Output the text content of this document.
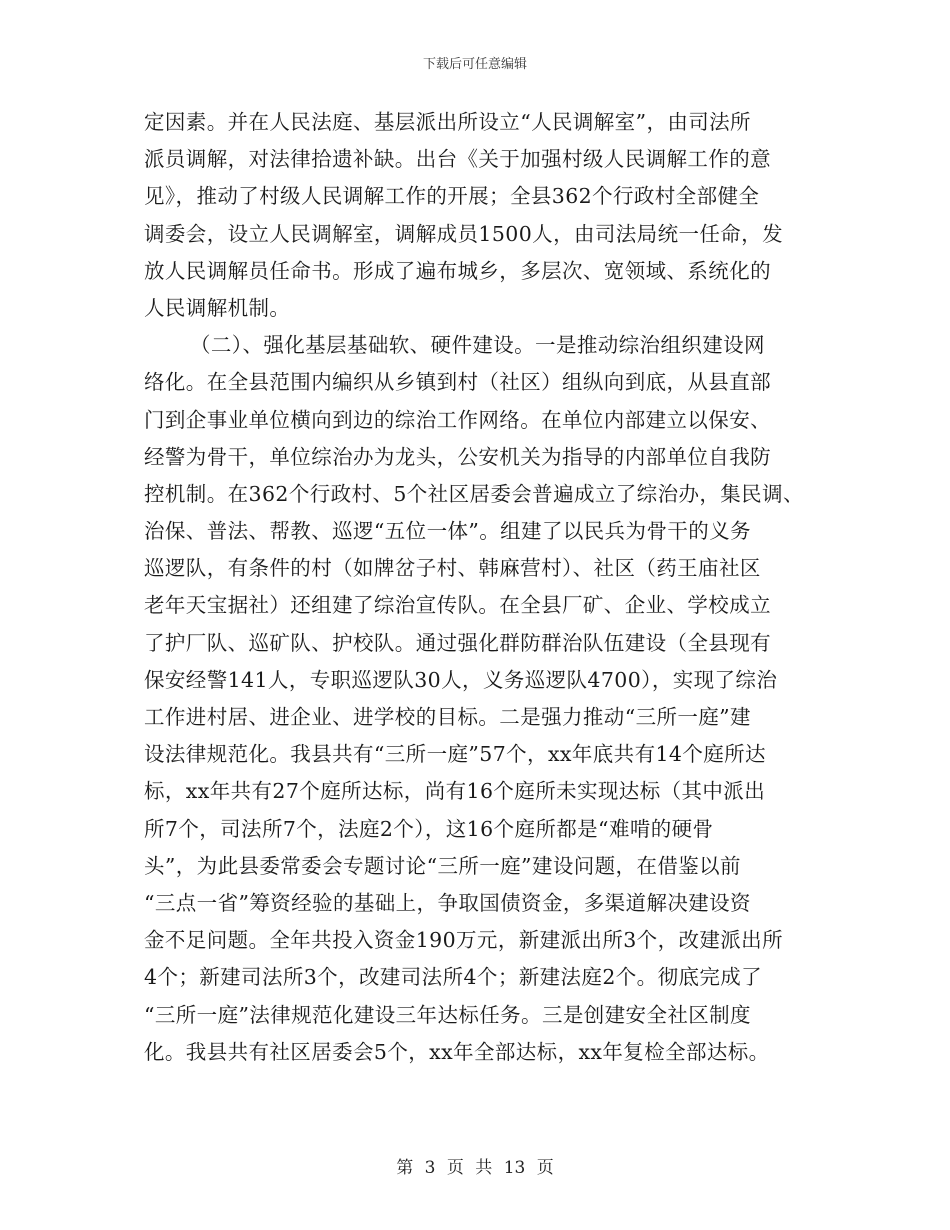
下载后可任意编辑
定因素。并在人民法庭、基层派出所设立“人民调解室”，由司法所
派员调解，对法律拾遗补缺。出台《关于加强村级人民调解工作的意
见》，推动了村级人民调解工作的开展；全县362个行政村全部健全
调委会，设立人民调解室，调解成员1500人，由司法局统一任命，发
放人民调解员任命书。形成了遍布城乡，多层次、宽领域、系统化的
人民调解机制。
（二）、强化基层基础软、硬件建设。一是推动综治组织建设网
络化。在全县范围内编织从乡镇到村（社区）组纵向到底，从县直部
门到企事业单位横向到边的综治工作网络。在单位内部建立以保安、
经警为骨干，单位综治办为龙头，公安机关为指导的内部单位自我防
控机制。在362个行政村、5个社区居委会普遍成立了综治办，集民调、
治保、普法、帮教、巡逻“五位一体”。组建了以民兵为骨干的义务
巡逻队，有条件的村（如牌岔子村、韩麻营村）、社区（药王庙社区
老年天宝据社）还组建了综治宣传队。在全县厂矿、企业、学校成立
了护厂队、巡矿队、护校队。通过强化群防群治队伍建设（全县现有
保安经警141人，专职巡逻队30人，义务巡逻队4700），实现了综治
工作进村居、进企业、进学校的目标。二是强力推动“三所一庭”建
设法律规范化。我县共有“三所一庭”57个，xx年底共有14个庭所达
标，xx年共有27个庭所达标，尚有16个庭所未实现达标（其中派出
所7个，司法所7个，法庭2个），这16个庭所都是“难啃的硬骨
头”，为此县委常委会专题讨论“三所一庭”建设问题，在借鉴以前
“三点一省”筹资经验的基础上，争取国债资金，多渠道解决建设资
金不足问题。全年共投入资金190万元，新建派出所3个，改建派出所
4个；新建司法所3个，改建司法所4个；新建法庭2个。彻底完成了
“三所一庭”法律规范化建设三年达标任务。三是创建安全社区制度
化。我县共有社区居委会5个，xx年全部达标，xx年复检全部达标。
第 3 页 共 13 页
